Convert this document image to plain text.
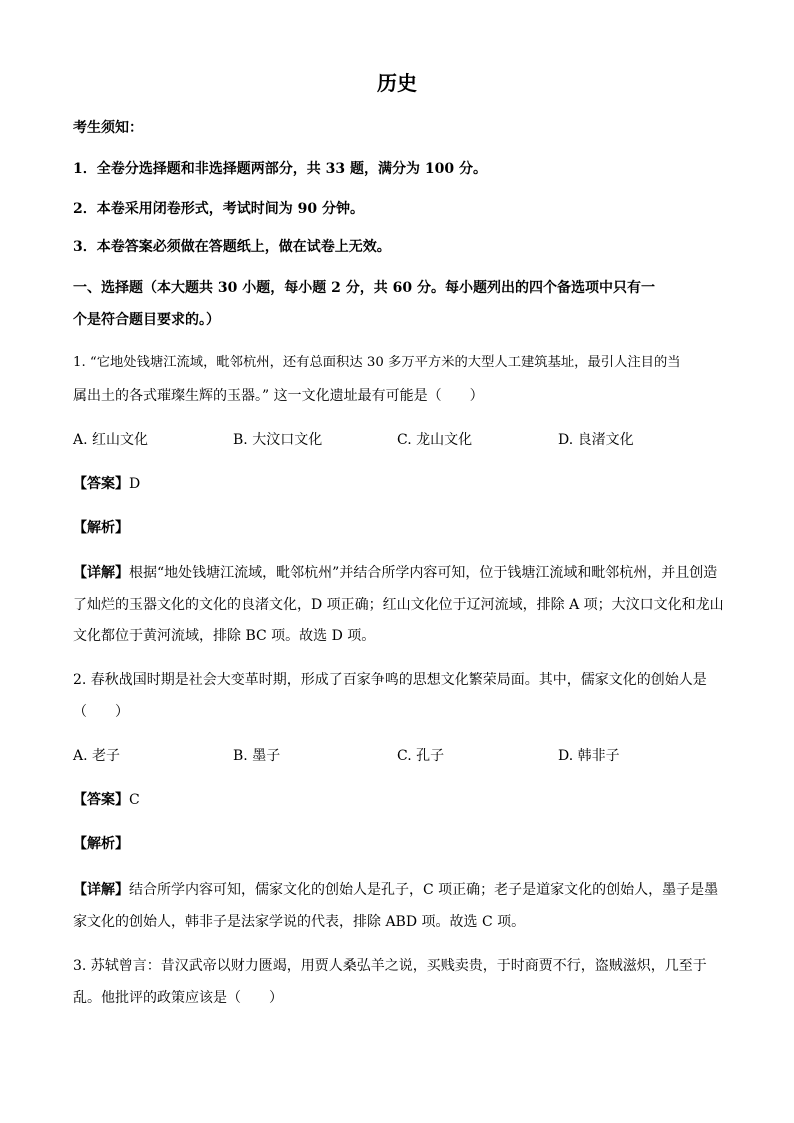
历史
考生须知：
1．全卷分选择题和非选择题两部分，共 33 题，满分为 100 分。
2．本卷采用闭卷形式，考试时间为 90 分钟。
3．本卷答案必须做在答题纸上，做在试卷上无效。
一、选择题（本大题共 30 小题，每小题 2 分，共 60 分。每小题列出的四个备选项中只有一
个是符合题目要求的。）
1. “它地处钱塘江流域，毗邻杭州，还有总面积达 30 多万平方米的大型人工建筑基址，最引人注目的当
属出土的各式璀璨生辉的玉器。” 这一文化遗址最有可能是（　　）
A. 红山文化	B. 大汶口文化	C. 龙山文化	D. 良渚文化
【答案】D
【解析】
【详解】根据“地处钱塘江流域，毗邻杭州”并结合所学内容可知，位于钱塘江流域和毗邻杭州，并且创造
了灿烂的玉器文化的文化的良渚文化，D 项正确；红山文化位于辽河流域，排除 A 项；大汶口文化和龙山
文化都位于黄河流域，排除 BC 项。故选 D 项。
2. 春秋战国时期是社会大变革时期，形成了百家争鸣的思想文化繁荣局面。其中，儒家文化的创始人是
（　　）
A. 老子	B. 墨子	C. 孔子	D. 韩非子
【答案】C
【解析】
【详解】结合所学内容可知，儒家文化的创始人是孔子，C 项正确；老子是道家文化的创始人，墨子是墨
家文化的创始人，韩非子是法家学说的代表，排除 ABD 项。故选 C 项。
3. 苏轼曾言：昔汉武帝以财力匮竭，用贾人桑弘羊之说，买贱卖贵，于时商贾不行，盗贼滋炽，几至于
乱。他批评的政策应该是（　　）
